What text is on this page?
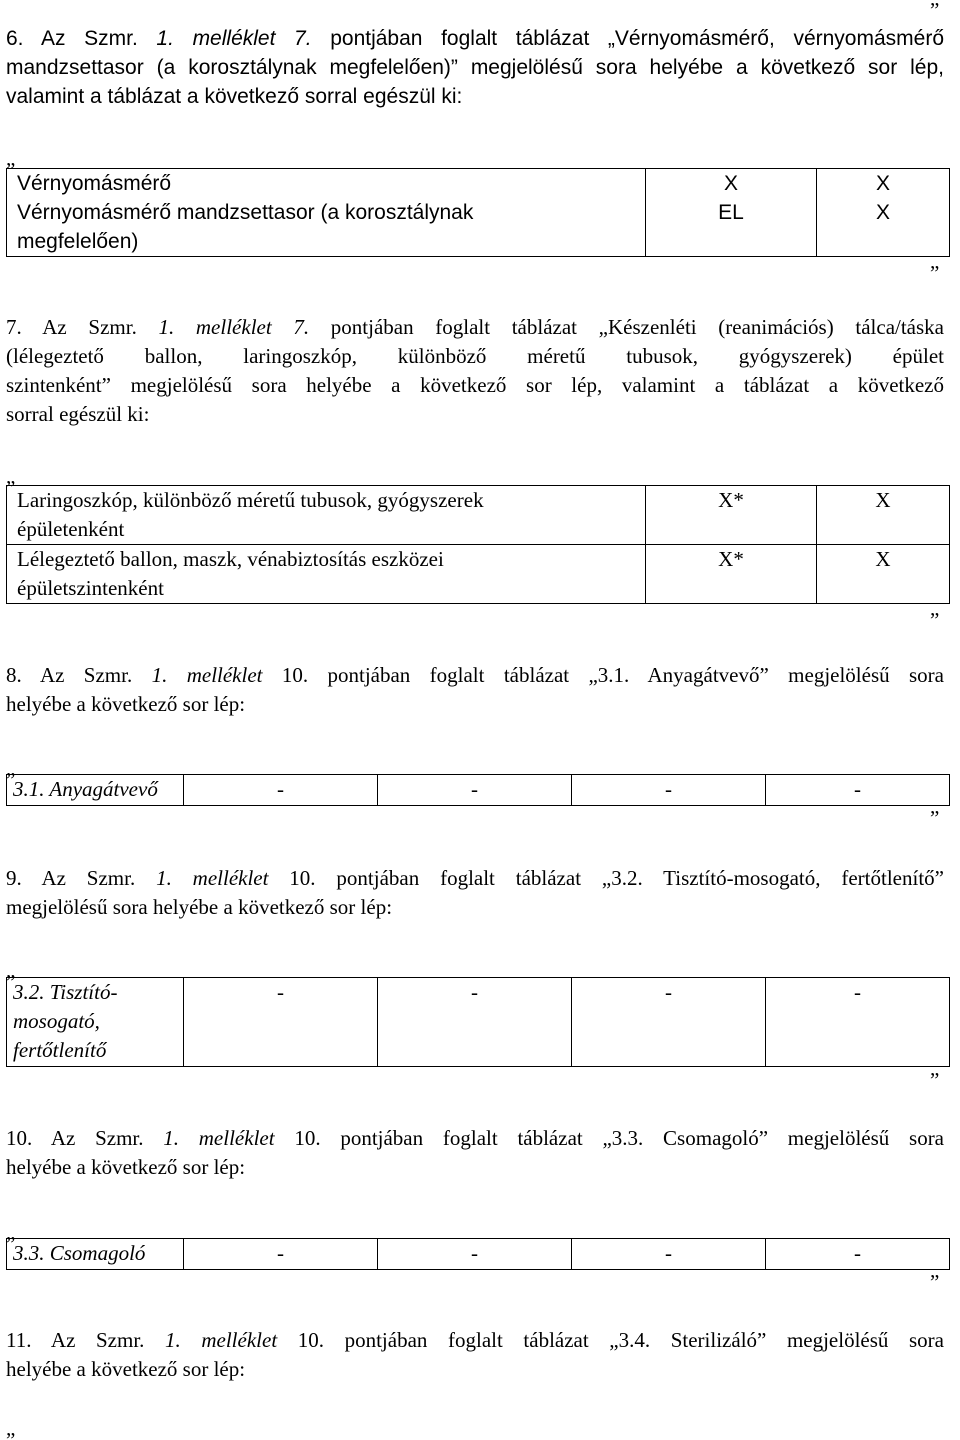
”
6. Az Szmr. 1. melléklet 7. pontjában foglalt táblázat „Vérnyomásmérő, vérnyomásmérő
mandzsettasor (a korosztálynak megfelelően)” megjelölésű sora helyébe a következő sor lép,
valamint a táblázat a következő sorral egészül ki:
„
Vérnyomásmérő	X	X
Vérnyomásmérő mandzsettasor (a korosztálynak
megfelelően)	EL	X
”
7. Az Szmr. 1. melléklet 7. pontjában foglalt táblázat „Készenléti (reanimációs) tálca/táska
(lélegeztető ballon, laringoszkóp, különböző méretű tubusok, gyógyszerek) épület
szintenként” megjelölésű sora helyébe a következő sor lép, valamint a táblázat a következő
sorral egészül ki:
„
Laringoszkóp, különböző méretű tubusok, gyógyszerek
épületenként	X*	X
Lélegeztető ballon, maszk, vénabiztosítás eszközei
épületszintenként	X*	X
”
8. Az Szmr. 1. melléklet 10. pontjában foglalt táblázat „3.1. Anyagátvevő” megjelölésű sora
helyébe a következő sor lép:
„
3.1. Anyagátvevő	-	-	-	-
”
9. Az Szmr. 1. melléklet 10. pontjában foglalt táblázat „3.2. Tisztító-mosogató, fertőtlenítő”
megjelölésű sora helyébe a következő sor lép:
„
3.2. Tisztító-
mosogató,
fertőtlenítő	-	-	-	-
”
10. Az Szmr. 1. melléklet 10. pontjában foglalt táblázat „3.3. Csomagoló” megjelölésű sora
helyébe a következő sor lép:
„
3.3. Csomagoló	-	-	-	-
”
11. Az Szmr. 1. melléklet 10. pontjában foglalt táblázat „3.4. Sterilizáló” megjelölésű sora
helyébe a következő sor lép:
„
